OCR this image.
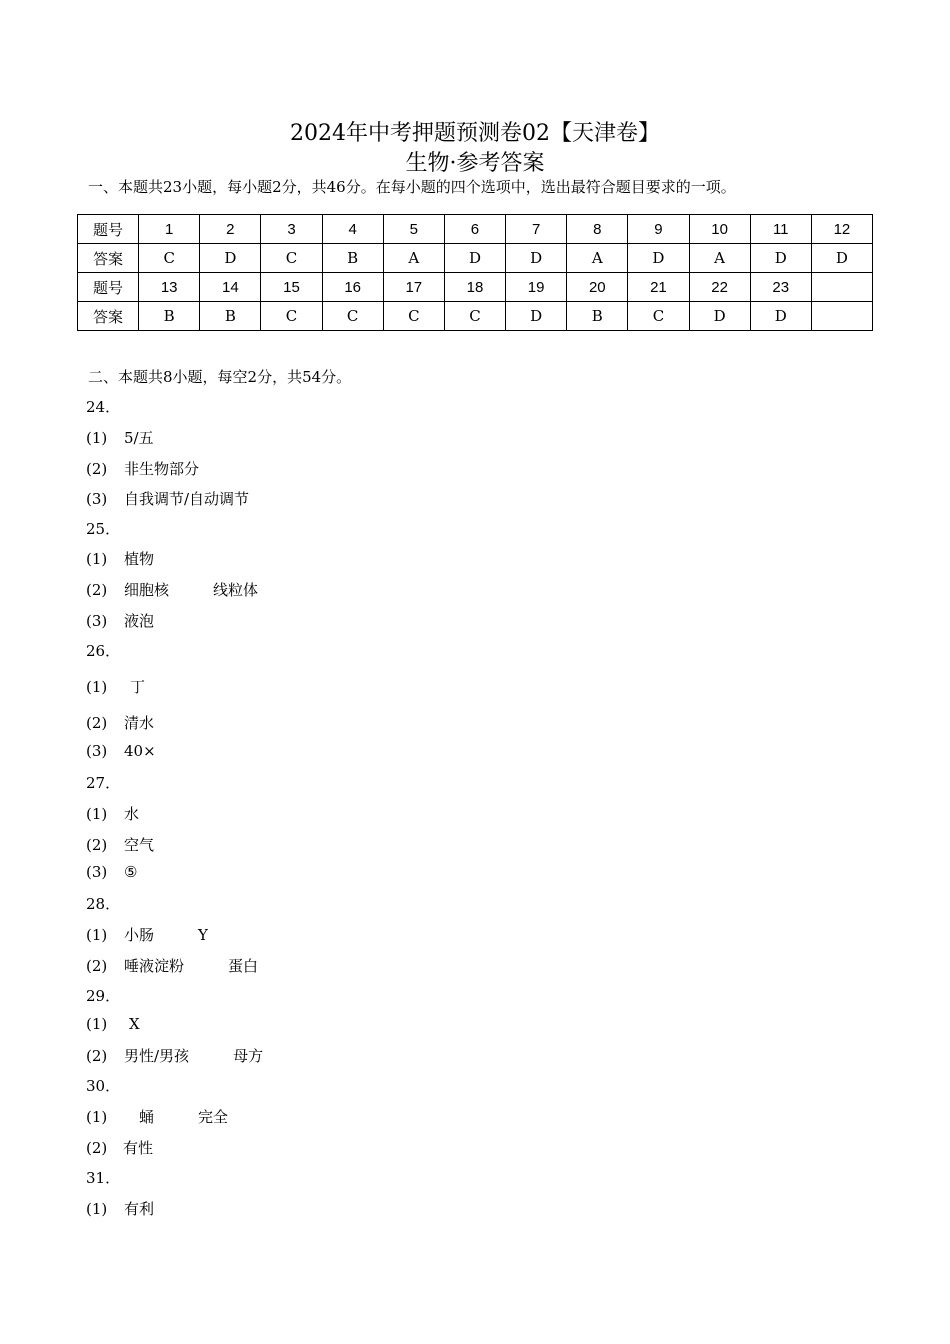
2024年中考押题预测卷02【天津卷】
生物·参考答案
一、本题共23小题，每小题2分，共46分。在每小题的四个选项中，选出最符合题目要求的一项。
题号	1	2	3	4	5	6	7	8	9	10	11	12
答案	C	D	C	B	A	D	D	A	D	A	D	D
题号	13	14	15	16	17	18	19	20	21	22	23	
答案	B	B	C	C	C	C	D	B	C	D	D	
二、本题共8小题，每空2分，共54分。
24．
(1) 5/五
(2) 非生物部分
(3) 自我调节/自动调节
25．
(1) 植物
(2) 细胞核	线粒体
(3) 液泡
26．
(1) 丁
(2) 清水
(3) 40×
27．
(1) 水
(2) 空气
(3) ⑤
28．
(1) 小肠	Y
(2) 唾液淀粉	蛋白
29．
(1) X
(2) 男性/男孩	母方
30．
(1) 蛹	完全
(2) 有性
31．
(1) 有利
